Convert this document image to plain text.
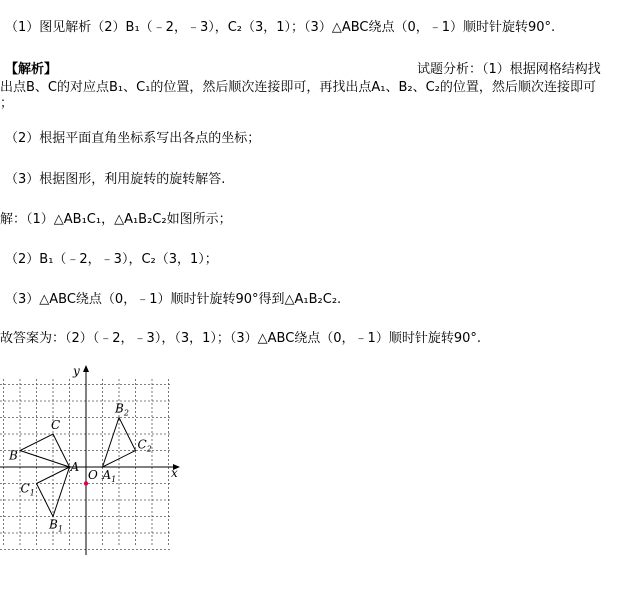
（1）图见解析（2）B₁（﹣2，﹣3），C₂（3，1）；（3）△ABC绕点（0，﹣1）顺时针旋转90°.
【解析】	试题分析：（1）根据网格结构找
出点B、C的对应点B₁、C₁的位置，然后顺次连接即可，再找出点A₁、B₂、C₂的位置，然后顺次连接即可
；
（2）根据平面直角坐标系写出各点的坐标；
（3）根据图形，利用旋转的旋转解答.
解：（1）△AB₁C₁，△A₁B₂C₂如图所示；
（2）B₁（﹣2，﹣3），C₂（3，1）；
（3）△ABC绕点（0，﹣1）顺时针旋转90°得到△A₁B₂C₂.
故答案为：（2）（﹣2，﹣3），（3，1）；（3）△ABC绕点（0，﹣1）顺时针旋转90°.
x
y
O
A
B
C
$B_1$
$C_1$
$A_1$
$B_2$
$C_2$
